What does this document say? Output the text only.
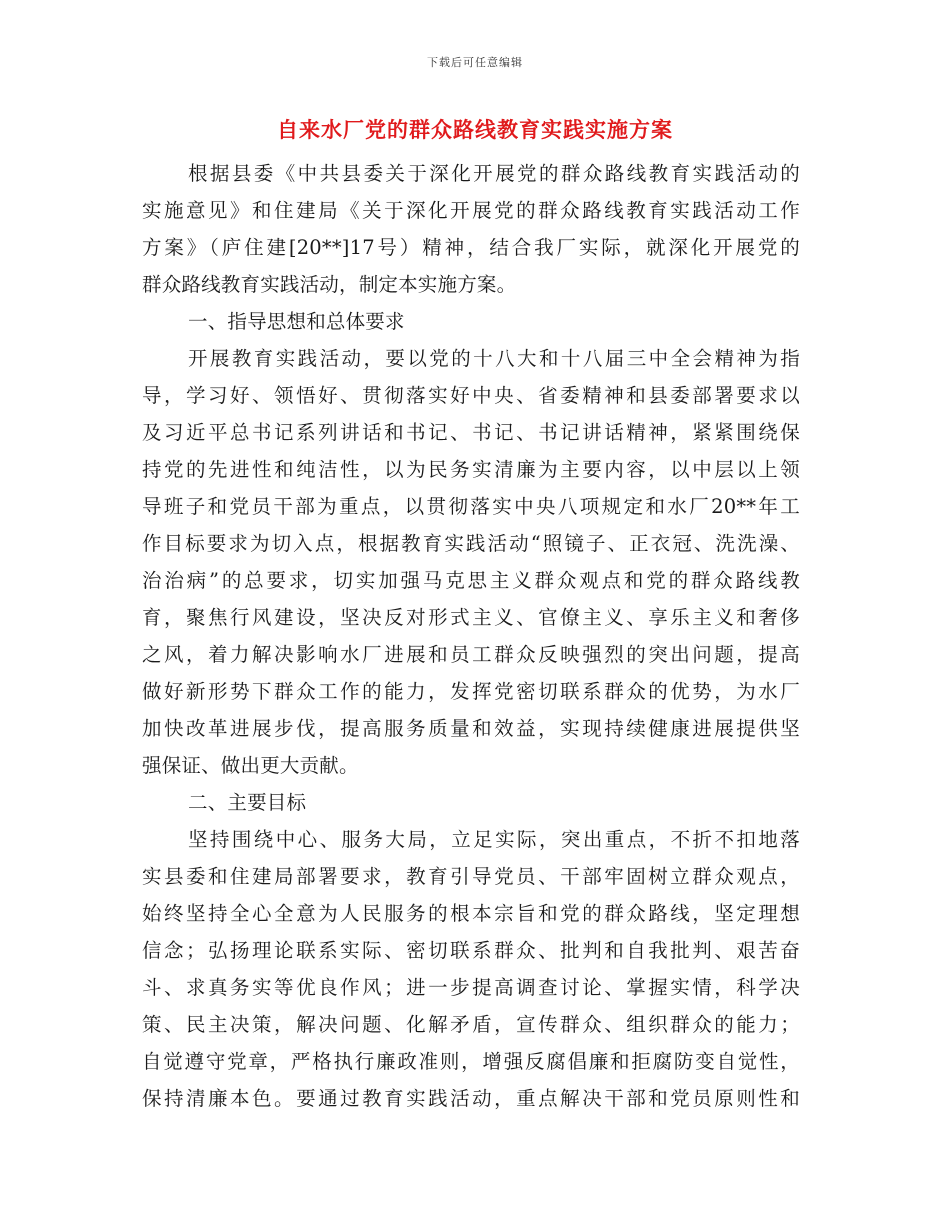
下载后可任意编辑
自来水厂党的群众路线教育实践实施方案
根据县委《中共县委关于深化开展党的群众路线教育实践活动的
实施意见》和住建局《关于深化开展党的群众路线教育实践活动工作
方案》（庐住建[20**]17号）精神，结合我厂实际，就深化开展党的
群众路线教育实践活动，制定本实施方案。
一、指导思想和总体要求
开展教育实践活动，要以党的十八大和十八届三中全会精神为指
导，学习好、领悟好、贯彻落实好中央、省委精神和县委部署要求以
及习近平总书记系列讲话和书记、书记、书记讲话精神，紧紧围绕保
持党的先进性和纯洁性，以为民务实清廉为主要内容，以中层以上领
导班子和党员干部为重点，以贯彻落实中央八项规定和水厂20**年工
作目标要求为切入点，根据教育实践活动“照镜子、正衣冠、洗洗澡、
治治病”的总要求，切实加强马克思主义群众观点和党的群众路线教
育，聚焦行风建设，坚决反对形式主义、官僚主义、享乐主义和奢侈
之风，着力解决影响水厂进展和员工群众反映强烈的突出问题，提高
做好新形势下群众工作的能力，发挥党密切联系群众的优势，为水厂
加快改革进展步伐，提高服务质量和效益，实现持续健康进展提供坚
强保证、做出更大贡献。
二、主要目标
坚持围绕中心、服务大局，立足实际，突出重点，不折不扣地落
实县委和住建局部署要求，教育引导党员、干部牢固树立群众观点，
始终坚持全心全意为人民服务的根本宗旨和党的群众路线，坚定理想
信念；弘扬理论联系实际、密切联系群众、批判和自我批判、艰苦奋
斗、求真务实等优良作风；进一步提高调查讨论、掌握实情，科学决
策、民主决策，解决问题、化解矛盾，宣传群众、组织群众的能力；
自觉遵守党章，严格执行廉政准则，增强反腐倡廉和拒腐防变自觉性，
保持清廉本色。要通过教育实践活动，重点解决干部和党员原则性和
